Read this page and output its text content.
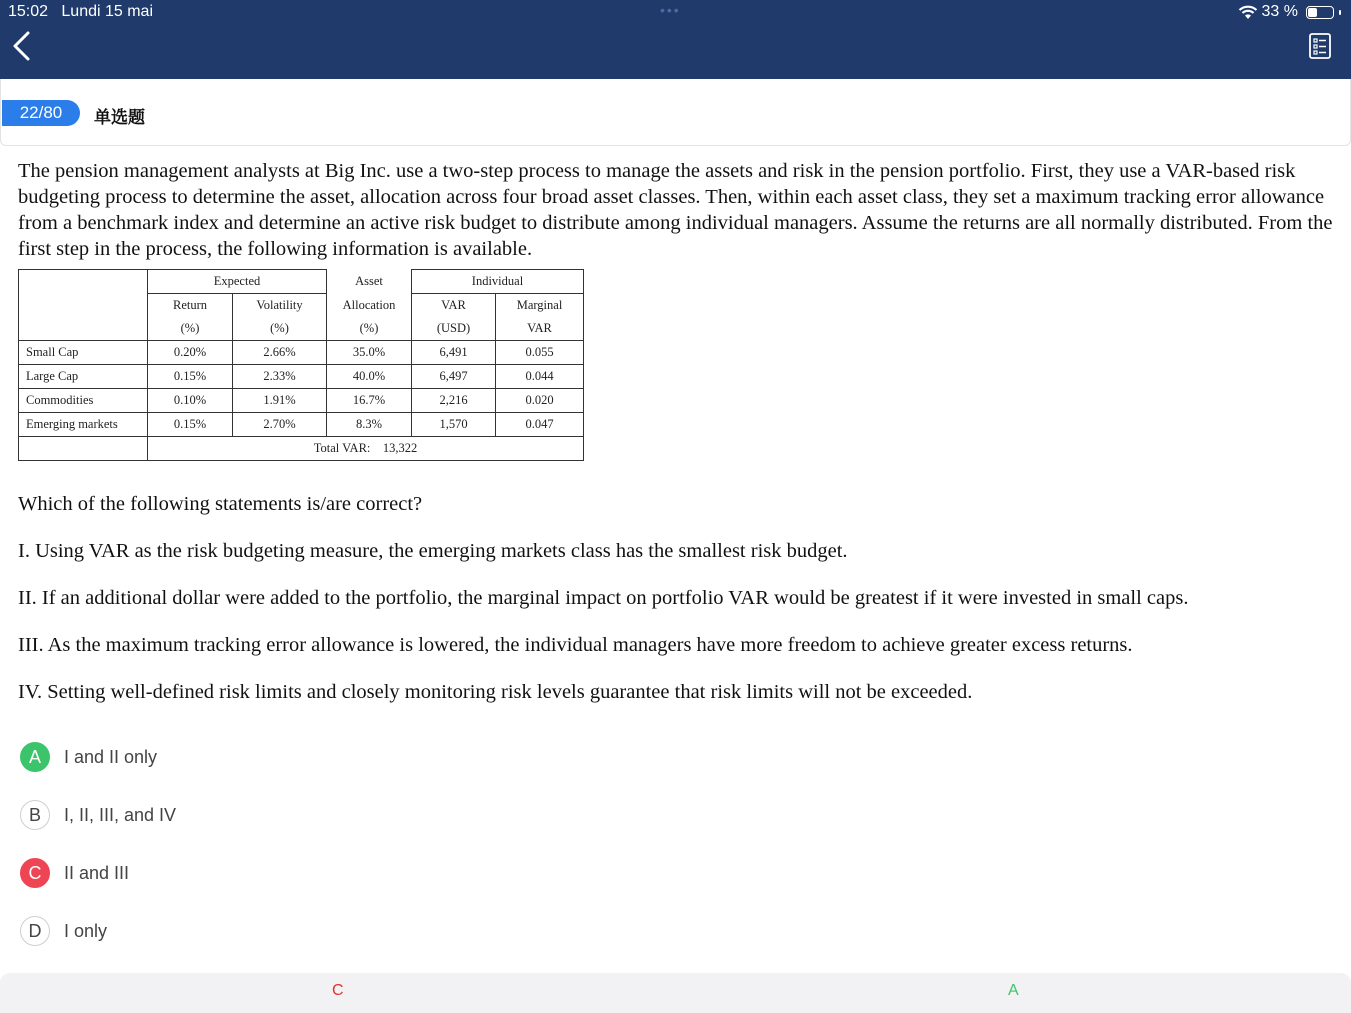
15:02 Lundi 15 mai	•••	33 %
22/80	单选题

The pension management analysts at Big Inc. use a two-step process to manage the assets and risk in the pension portfolio. First, they use a VAR-based risk budgeting process to determine the asset, allocation across four broad asset classes. Then, within each asset class, they set a maximum tracking error allowance from a benchmark index and determine an active risk budget to distribute among individual managers. Assume the returns are all normally distributed. From the first step in the process, the following information is available.

	Expected		Asset	Individual	
	Return	Volatility	Allocation	VAR	Marginal
	(%)	(%)	(%)	(USD)	VAR
Small Cap	0.20%	2.66%	35.0%	6,491	0.055
Large Cap	0.15%	2.33%	40.0%	6,497	0.044
Commodities	0.10%	1.91%	16.7%	2,216	0.020
Emerging markets	0.15%	2.70%	8.3%	1,570	0.047
	Total VAR:    13,322				

Which of the following statements is/are correct?

I. Using VAR as the risk budgeting measure, the emerging markets class has the smallest risk budget.

II. If an additional dollar were added to the portfolio, the marginal impact on portfolio VAR would be greatest if it were invested in small caps.

III. As the maximum tracking error allowance is lowered, the individual managers have more freedom to achieve greater excess returns.

IV. Setting well-defined risk limits and closely monitoring risk levels guarantee that risk limits will not be exceeded.

A	I and II only
B	I, II, III, and IV
C	II and III
D	I only
C	A
